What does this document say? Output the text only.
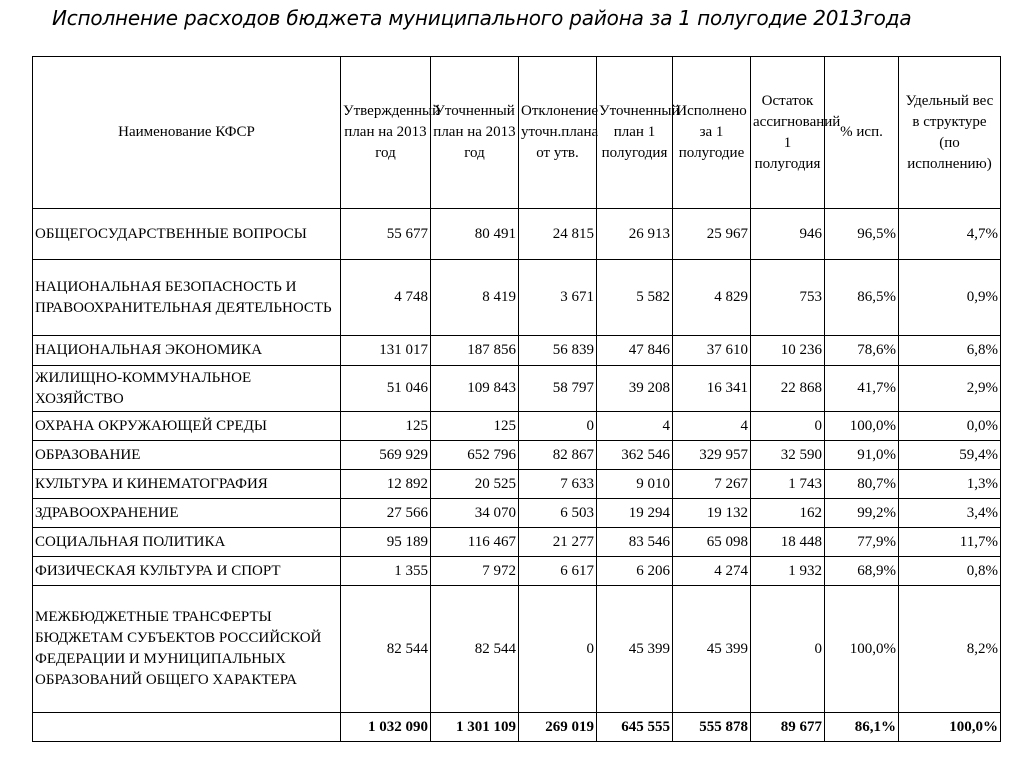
Исполнение расходов бюджета муниципального района за 1 полугодие 2013года
Наименование КФСР	Утвержденный план на 2013 год	Уточненный план на 2013 год	Отклонение уточн.плана от утв.	Уточненный план 1 полугодия	Исполнено за 1 полугодие	Остаток ассигнований 1 полугодия	% исп.	Удельный вес в структуре (по исполнению)
ОБЩЕГОСУДАРСТВЕННЫЕ ВОПРОСЫ	55 677	80 491	24 815	26 913	25 967	946	96,5%	4,7%
НАЦИОНАЛЬНАЯ БЕЗОПАСНОСТЬ И ПРАВООХРАНИТЕЛЬНАЯ ДЕЯТЕЛЬНОСТЬ	4 748	8 419	3 671	5 582	4 829	753	86,5%	0,9%
НАЦИОНАЛЬНАЯ ЭКОНОМИКА	131 017	187 856	56 839	47 846	37 610	10 236	78,6%	6,8%
ЖИЛИЩНО-КОММУНАЛЬНОЕ ХОЗЯЙСТВО	51 046	109 843	58 797	39 208	16 341	22 868	41,7%	2,9%
ОХРАНА ОКРУЖАЮЩЕЙ СРЕДЫ	125	125	0	4	4	0	100,0%	0,0%
ОБРАЗОВАНИЕ	569 929	652 796	82 867	362 546	329 957	32 590	91,0%	59,4%
КУЛЬТУРА И КИНЕМАТОГРАФИЯ	12 892	20 525	7 633	9 010	7 267	1 743	80,7%	1,3%
ЗДРАВООХРАНЕНИЕ	27 566	34 070	6 503	19 294	19 132	162	99,2%	3,4%
СОЦИАЛЬНАЯ ПОЛИТИКА	95 189	116 467	21 277	83 546	65 098	18 448	77,9%	11,7%
ФИЗИЧЕСКАЯ КУЛЬТУРА И СПОРТ	1 355	7 972	6 617	6 206	4 274	1 932	68,9%	0,8%
МЕЖБЮДЖЕТНЫЕ ТРАНСФЕРТЫ БЮДЖЕТАМ СУБЪЕКТОВ РОССИЙСКОЙ ФЕДЕРАЦИИ И МУНИЦИПАЛЬНЫХ ОБРАЗОВАНИЙ ОБЩЕГО ХАРАКТЕРА	82 544	82 544	0	45 399	45 399	0	100,0%	8,2%
	1 032 090	1 301 109	269 019	645 555	555 878	89 677	86,1%	100,0%
